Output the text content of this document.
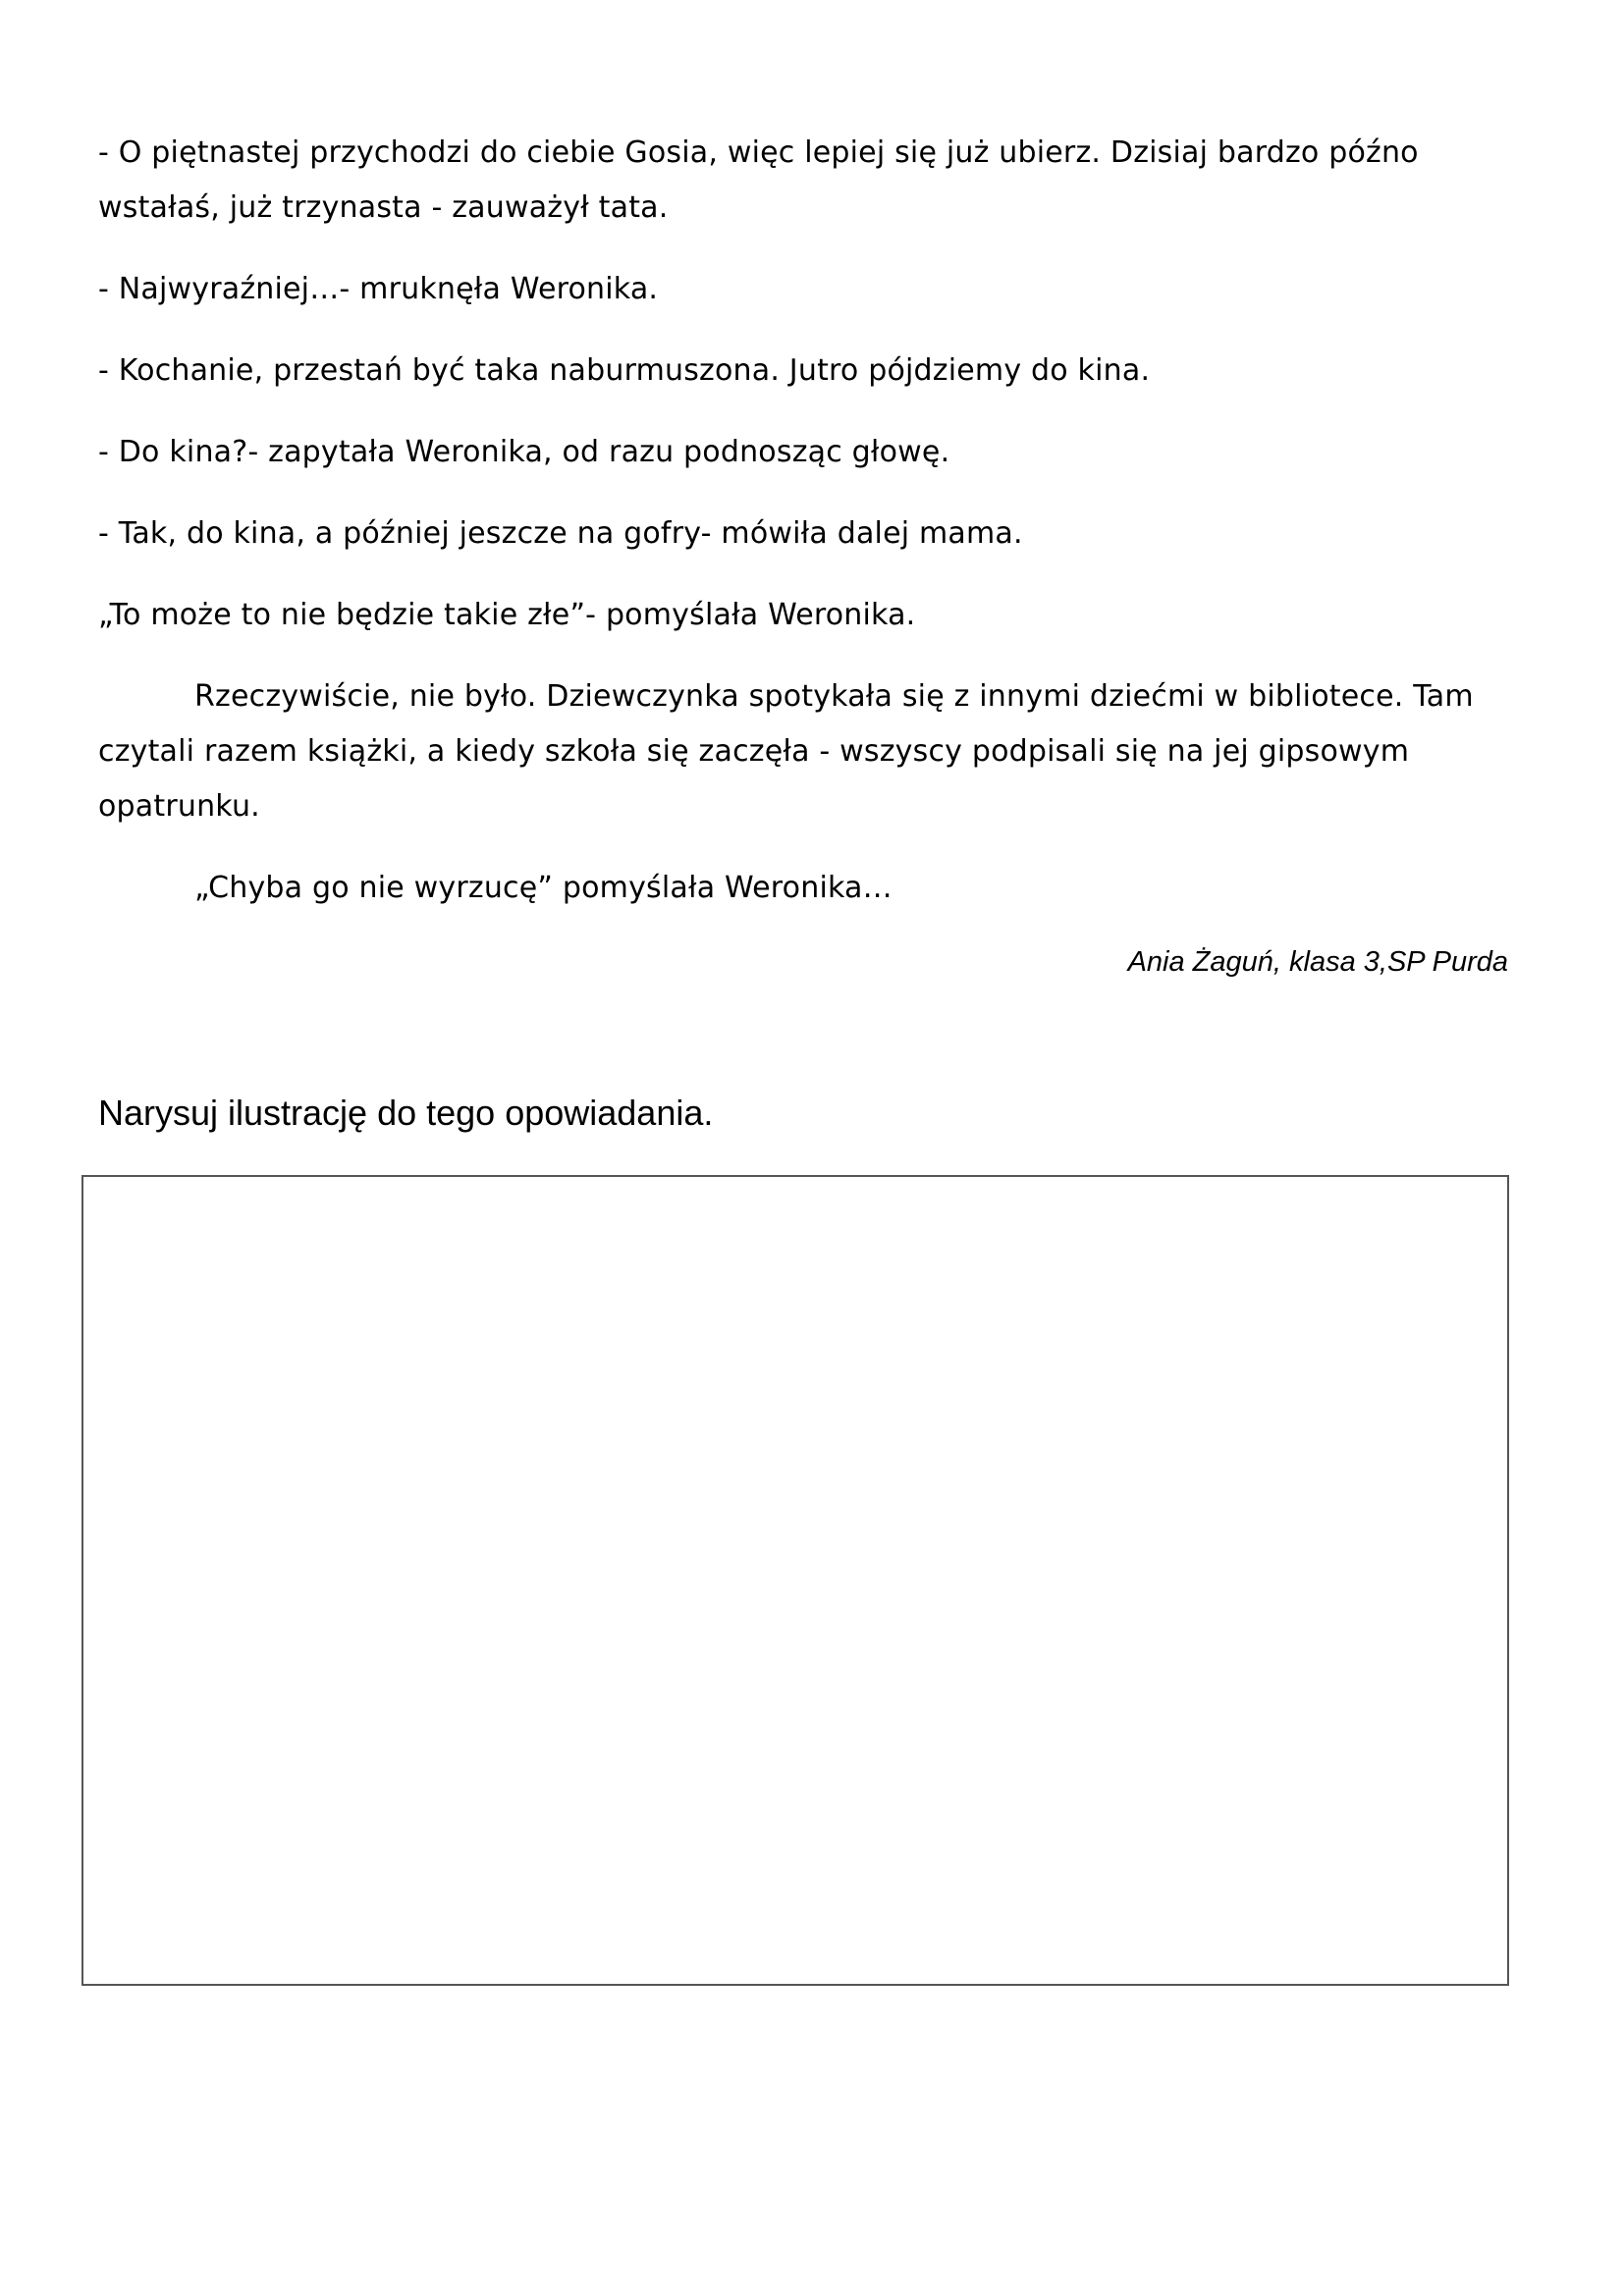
- O piętnastej przychodzi do ciebie Gosia, więc lepiej się już ubierz. Dzisiaj bardzo późno wstałaś, już trzynasta - zauważył tata.

- Najwyraźniej…- mruknęła Weronika.

- Kochanie, przestań być taka naburmuszona. Jutro pójdziemy do kina.

- Do kina?- zapytała Weronika, od razu podnosząc głowę.

- Tak, do kina, a później jeszcze na gofry- mówiła dalej mama.

„To może to nie będzie takie złe”- pomyślała Weronika.

Rzeczywiście, nie było. Dziewczynka spotykała się z innymi dziećmi w bibliotece. Tam czytali razem książki, a kiedy szkoła się zaczęła - wszyscy podpisali się na jej gipsowym opatrunku.

„Chyba go nie wyrzucę” pomyślała Weronika…

Ania Żaguń, klasa 3,SP Purda
Narysuj ilustrację do tego opowiadania.
